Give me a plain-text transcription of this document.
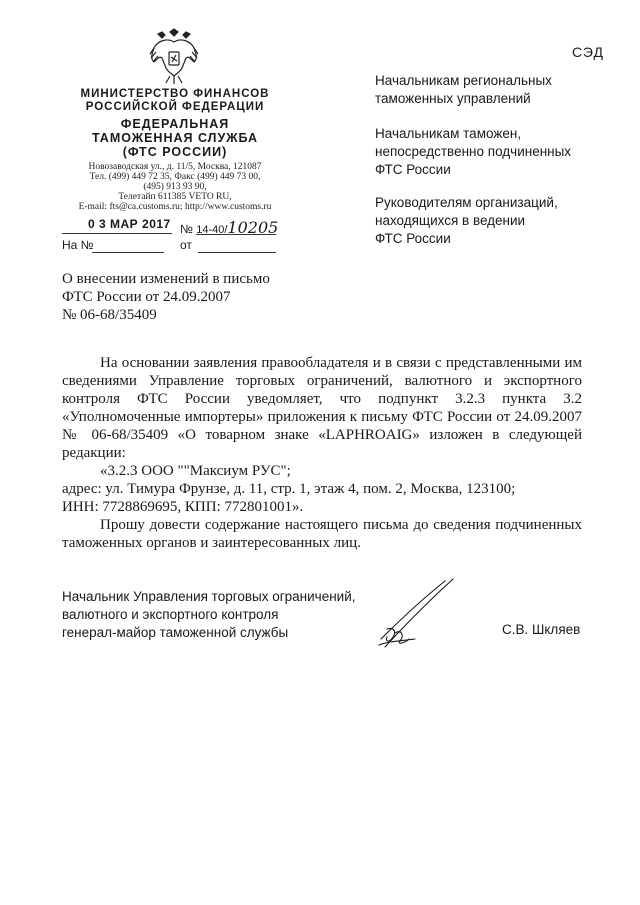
СЭД
МИНИСТЕРСТВО ФИНАНСОВ
РОССИЙСКОЙ ФЕДЕРАЦИИ
ФЕДЕРАЛЬНАЯ
ТАМОЖЕННАЯ СЛУЖБА
(ФТС РОССИИ)
Новозаводская ул., д. 11/5, Москва, 121087
Тел. (499) 449 72 35, Факс (499) 449 73 00,
(495) 913 93 90,
Телетайп 611385 VETO RU,
E-mail: fts@ca.customs.ru; http://www.customs.ru
0 3 МАР 2017 № 14-40/10205
На №	от
Начальникам региональных
таможенных управлений
Начальникам таможен,
непосредственно подчиненных
ФТС России
Руководителям организаций,
находящихся в ведении
ФТС России
О внесении изменений в письмо
ФТС России от 24.09.2007
№ 06-68/35409
На основании заявления правообладателя и в связи с представленными им сведениями Управление торговых ограничений, валютного и экспортного контроля ФТС России уведомляет, что подпункт 3.2.3 пункта 3.2 «Уполномоченные импортеры» приложения к письму ФТС России от 24.09.2007 № 06-68/35409 «О товарном знаке «LAPHROAIG» изложен в следующей редакции:
«3.2.3 ООО ""Максиум РУС";
адрес: ул. Тимура Фрунзе, д. 11, стр. 1, этаж 4, пом. 2, Москва, 123100;
ИНН: 7728869695, КПП: 772801001».
Прошу довести содержание настоящего письма до сведения подчиненных таможенных органов и заинтересованных лиц.
Начальник Управления торговых ограничений,
валютного и экспортного контроля
генерал-майор таможенной службы	С.В. Шкляев
